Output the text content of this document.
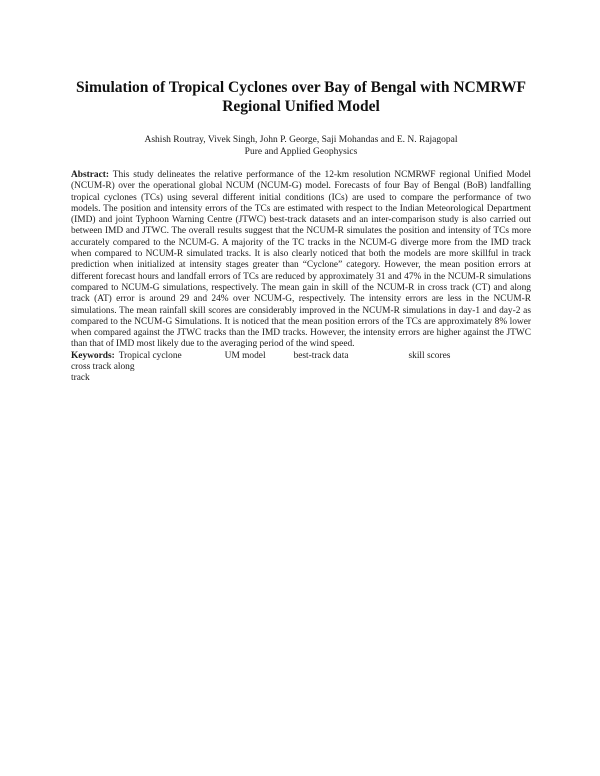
Simulation of Tropical Cyclones over Bay of Bengal with NCMRWF Regional Unified Model

Ashish Routray, Vivek Singh, John P. George, Saji Mohandas and E. N. Rajagopal

Pure and Applied Geophysics

Abstract: This study delineates the relative performance of the 12-km resolution NCMRWF regional Unified Model (NCUM-R) over the operational global NCUM (NCUM-G) model. Forecasts of four Bay of Bengal (BoB) landfalling tropical cyclones (TCs) using several different initial conditions (ICs) are used to compare the performance of two models. The position and intensity errors of the TCs are estimated with respect to the Indian Meteorological Department (IMD) and joint Typhoon Warning Centre (JTWC) best-track datasets and an inter-comparison study is also carried out between IMD and JTWC. The overall results suggest that the NCUM-R simulates the position and intensity of TCs more accurately compared to the NCUM-G. A majority of the TC tracks in the NCUM-G diverge more from the IMD track when compared to NCUM-R simulated tracks. It is also clearly noticed that both the models are more skillful in track prediction when initialized at intensity stages greater than “Cyclone” category. However, the mean position errors at different forecast hours and landfall errors of TCs are reduced by approximately 31 and 47% in the NCUM-R simulations compared to NCUM-G simulations, respectively. The mean gain in skill of the NCUM-R in cross track (CT) and along track (AT) error is around 29 and 24% over NCUM-G, respectively. The intensity errors are less in the NCUM-R simulations. The mean rainfall skill scores are considerably improved in the NCUM-R simulations in day-1 and day-2 as compared to the NCUM-G Simulations. It is noticed that the mean position errors of the TCs are approximately 8% lower when compared against the JTWC tracks than the IMD tracks. However, the intensity errors are higher against the JTWC than that of IMD most likely due to the averaging period of the wind speed.

Keywords: Tropical cyclone	UM model	best-track data	skill scores
cross track along
track
